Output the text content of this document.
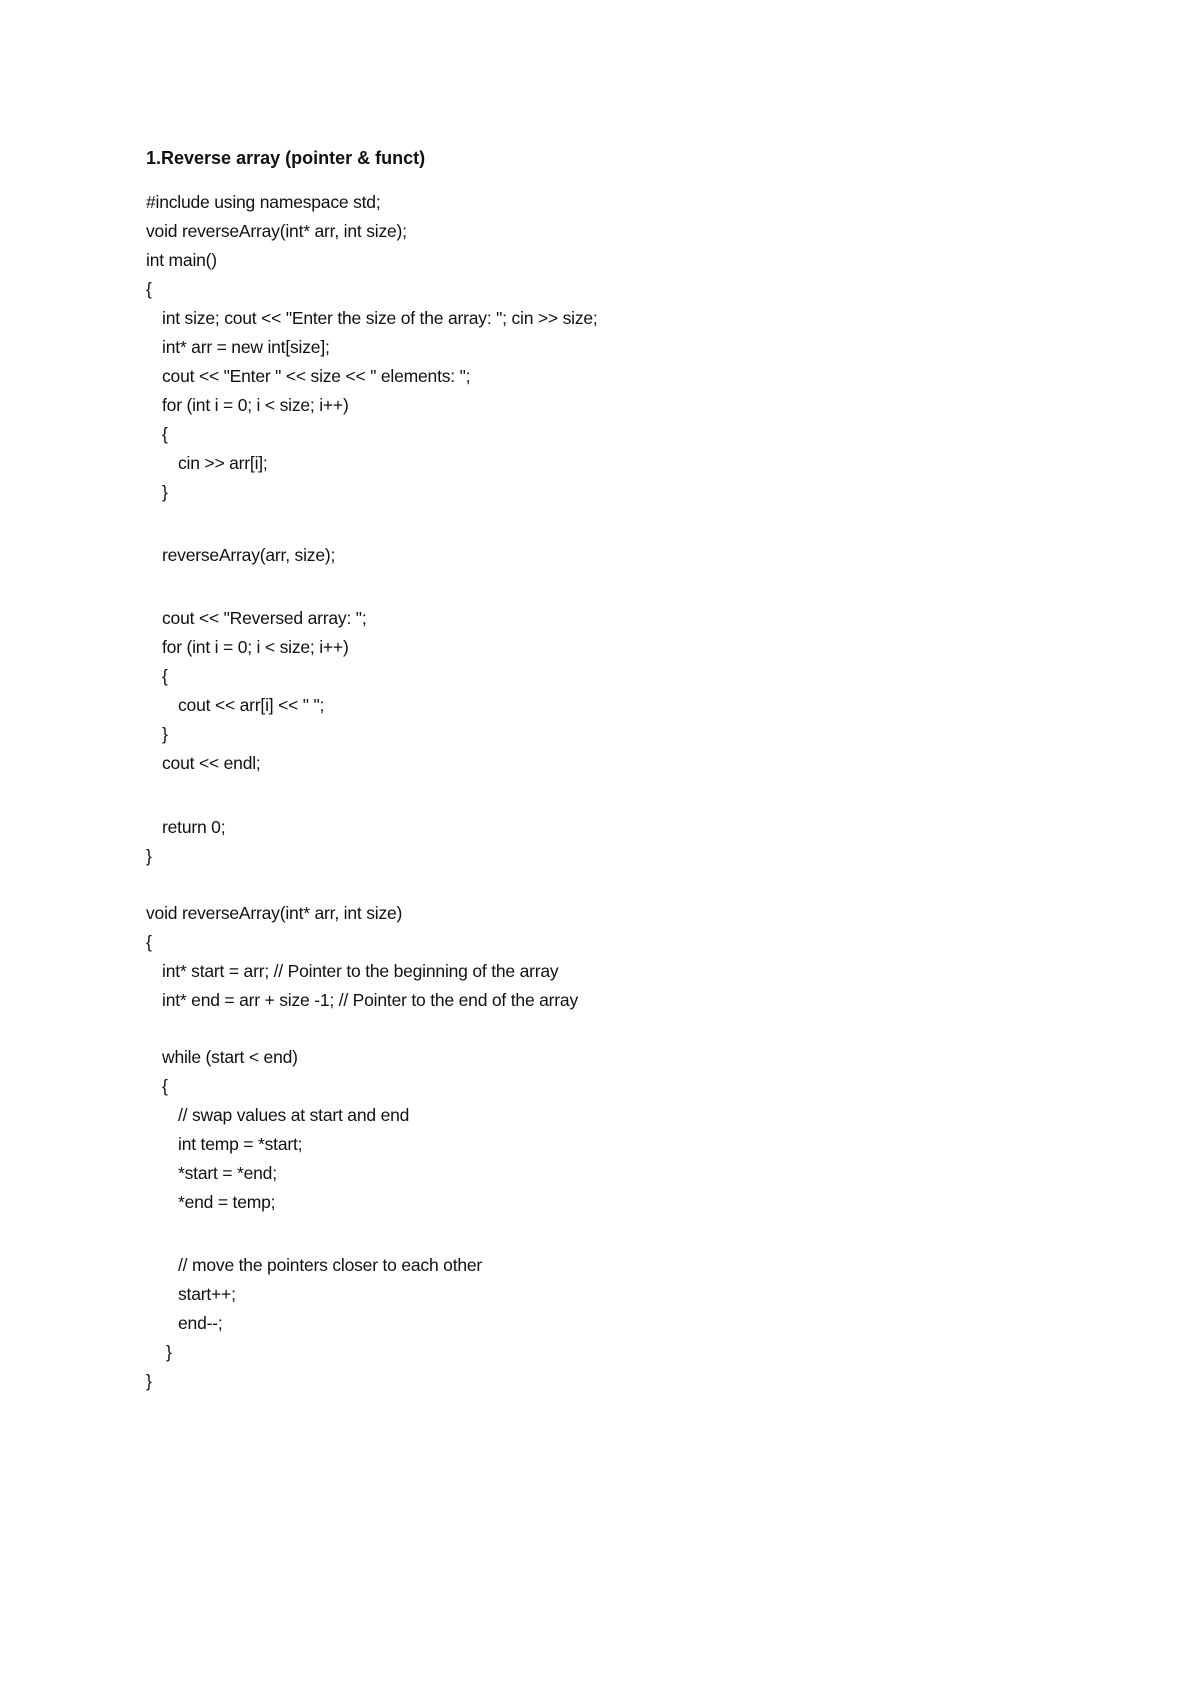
1.Reverse array (pointer & funct)
#include using namespace std;
void reverseArray(int* arr, int size);
int main()
{
int size; cout << "Enter the size of the array: "; cin >> size;
int* arr = new int[size];
cout << "Enter " << size << " elements: ";
for (int i = 0; i < size; i++)
{
cin >> arr[i];
}
reverseArray(arr, size);
cout << "Reversed array: ";
for (int i = 0; i < size; i++)
{
cout << arr[i] << " ";
}
cout << endl;
return 0;
}
void reverseArray(int* arr, int size)
{
int* start = arr; // Pointer to the beginning of the array
int* end = arr + size -1; // Pointer to the end of the array
while (start < end)
{
// swap values at start and end
int temp = *start;
*start = *end;
*end = temp;
// move the pointers closer to each other
start++;
end--;
}
}
